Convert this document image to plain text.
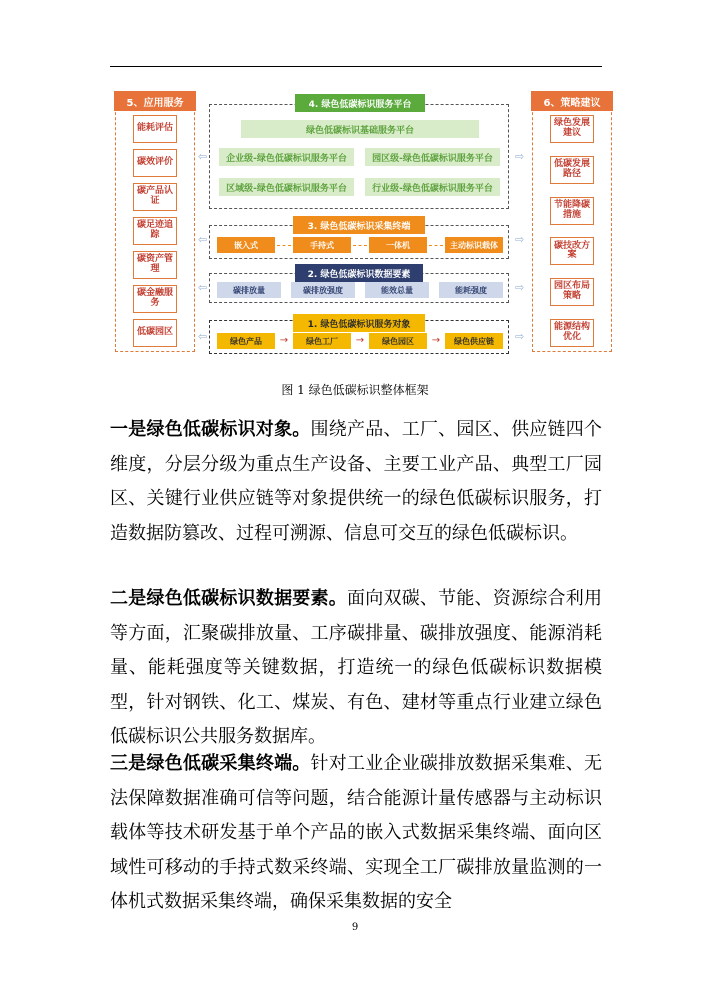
5、应用服务
能耗评估
碳效评价
碳产品认证
碳足迹追踪
碳资产管理
碳金融服务
低碳园区
6、策略建议
绿色发展建议
低碳发展路径
节能降碳措施
碳技改方案
园区布局策略
能源结构优化
⇦
⇦
⇦
⇦
⇨
⇨
⇨
⇨
4. 绿色低碳标识服务平台
绿色低碳标识基础服务平台
企业级-绿色低碳标识服务平台	园区级-绿色低碳标识服务平台
区域级-绿色低碳标识服务平台	行业级-绿色低碳标识服务平台
3. 绿色低碳标识采集终端
嵌入式	手持式	一体机	主动标识载体
2. 绿色低碳标识数据要素
碳排放量	碳排放强度	能效总量	能耗强度
1. 绿色低碳标识服务对象
绿色产品	→	绿色工厂	→	绿色园区	→	绿色供应链
图 1 绿色低碳标识整体框架

一是绿色低碳标识对象。围绕产品、工厂、园区、供应链四个维度，分层分级为重点生产设备、主要工业产品、典型工厂园区、关键行业供应链等对象提供统一的绿色低碳标识服务，打造数据防篡改、过程可溯源、信息可交互的绿色低碳标识。

二是绿色低碳标识数据要素。面向双碳、节能、资源综合利用等方面，汇聚碳排放量、工序碳排量、碳排放强度、能源消耗量、能耗强度等关键数据，打造统一的绿色低碳标识数据模型，针对钢铁、化工、煤炭、有色、建材等重点行业建立绿色低碳标识公共服务数据库。

三是绿色低碳采集终端。针对工业企业碳排放数据采集难、无法保障数据准确可信等问题，结合能源计量传感器与主动标识载体等技术研发基于单个产品的嵌入式数据采集终端、面向区域性可移动的手持式数采终端、实现全工厂碳排放量监测的一体机式数据采集终端，确保采集数据的安全

9
